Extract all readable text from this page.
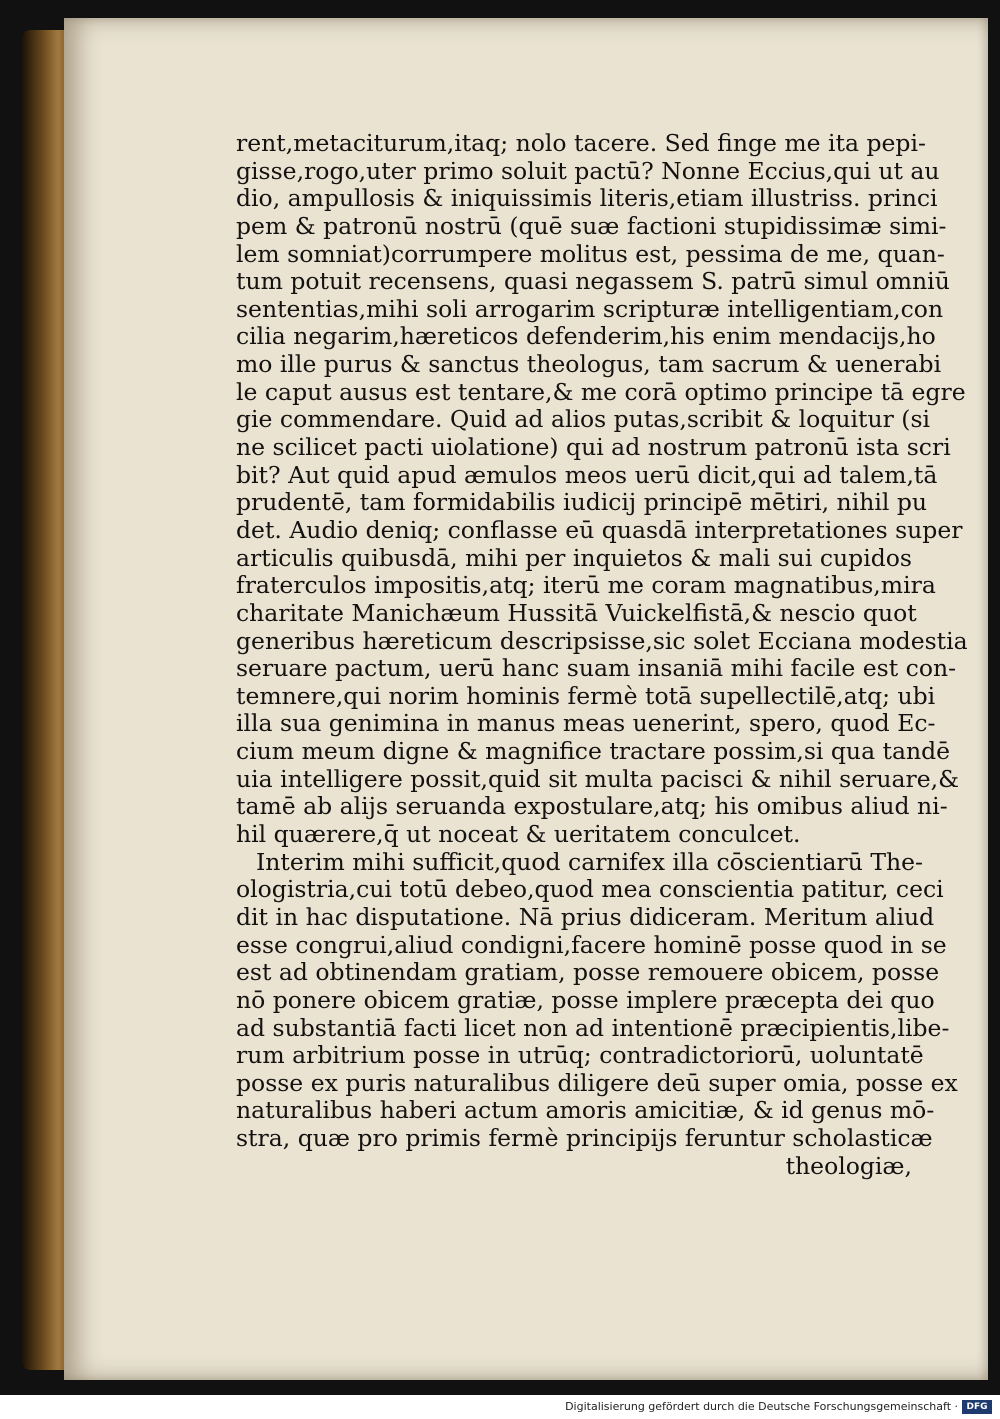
rent,metaciturum,itaq; nolo tacere. Sed finge me ita pepi-
gisse,rogo,uter primo soluit pactū? Nonne Eccius,qui ut au
dio, ampullosis & iniquissimis literis,etiam illustriss. princi
pem & patronū nostrū (quē suæ factioni stupidissimæ simi-
lem somniat)corrumpere molitus est, pessima de me, quan-
tum potuit recensens, quasi negassem S. patrū simul omniū
sententias,mihi soli arrogarim scripturæ intelligentiam,con
cilia negarim,hæreticos defenderim,his enim mendacijs,ho
mo ille purus & sanctus theologus, tam sacrum & uenerabi
le caput ausus est tentare,& me corā optimo principe tā egre
gie commendare. Quid ad alios putas,scribit & loquitur (si
ne scilicet pacti uiolatione) qui ad nostrum patronū ista scri
bit? Aut quid apud æmulos meos uerū dicit,qui ad talem,tā
prudentē, tam formidabilis iudicij principē mētiri, nihil pu
det. Audio deniq; conflasse eū quasdā interpretationes super
articulis quibusdā, mihi per inquietos & mali sui cupidos
fraterculos impositis,atq; iterū me coram magnatibus,mira
charitate Manichæum Hussitā Vuickelfistā,& nescio quot
generibus hæreticum descripsisse,sic solet Ecciana modestia
seruare pactum, uerū hanc suam insaniā mihi facile est con-
temnere,qui norim hominis fermè totā supellectilē,atq; ubi
illa sua genimina in manus meas uenerint, spero, quod Ec-
cium meum digne & magnifice tractare possim,si qua tandē
uia intelligere possit,quid sit multa pacisci & nihil seruare,&
tamē ab alijs seruanda expostulare,atq; his omibus aliud ni-
hil quærere,q̄ ut noceat & ueritatem conculcet.
Interim mihi sufficit,quod carnifex illa cōscientiarū The-
ologistria,cui totū debeo,quod mea conscientia patitur, ceci
dit in hac disputatione. Nā prius didiceram. Meritum aliud
esse congrui,aliud condigni,facere hominē posse quod in se
est ad obtinendam gratiam, posse remouere obicem, posse
nō ponere obicem gratiæ, posse implere præcepta dei quo
ad substantiā facti licet non ad intentionē præcipientis,libe-
rum arbitrium posse in utrūq; contradictoriorū, uoluntatē
posse ex puris naturalibus diligere deū super omia, posse ex
naturalibus haberi actum amoris amicitiæ, & id genus mō-
stra, quæ pro primis fermè principijs feruntur scholasticæ
theologiæ,
Digitalisierung gefördert durch die Deutsche Forschungsgemeinschaft · DFG
